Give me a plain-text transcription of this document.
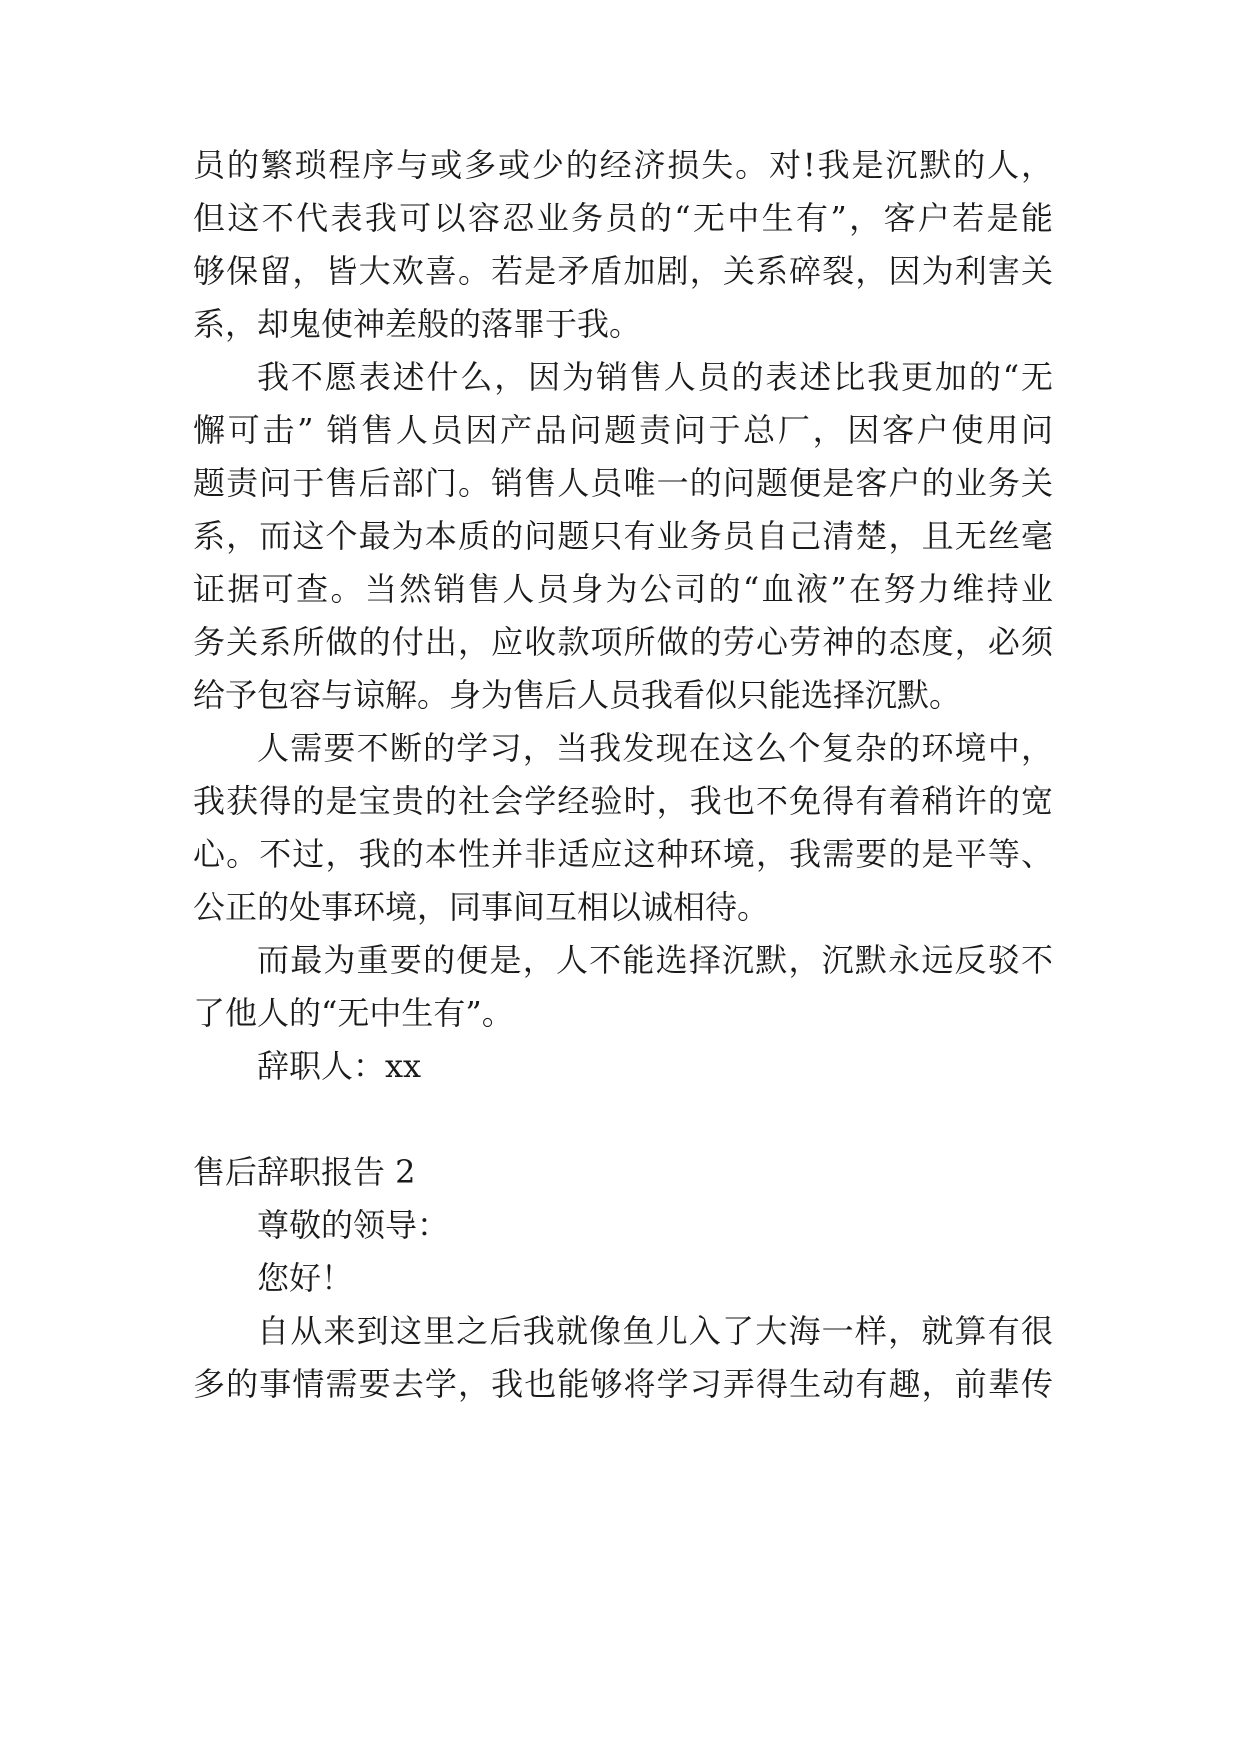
员的繁琐程序与或多或少的经济损失。对!我是沉默的人，
但这不代表我可以容忍业务员的“无中生有”，客户若是能
够保留，皆大欢喜。若是矛盾加剧，关系碎裂，因为利害关
系，却鬼使神差般的落罪于我。
我不愿表述什么，因为销售人员的表述比我更加的“无
懈可击” 销售人员因产品问题责问于总厂，因客户使用问
题责问于售后部门。销售人员唯一的问题便是客户的业务关
系，而这个最为本质的问题只有业务员自己清楚，且无丝毫
证据可查。当然销售人员身为公司的“血液”在努力维持业
务关系所做的付出，应收款项所做的劳心劳神的态度，必须
给予包容与谅解。身为售后人员我看似只能选择沉默。
人需要不断的学习，当我发现在这么个复杂的环境中，
我获得的是宝贵的社会学经验时，我也不免得有着稍许的宽
心。不过，我的本性并非适应这种环境，我需要的是平等、
公正的处事环境，同事间互相以诚相待。
而最为重要的便是，人不能选择沉默，沉默永远反驳不
了他人的“无中生有”。
辞职人：xx
售后辞职报告 2
尊敬的领导：
您好！
自从来到这里之后我就像鱼儿入了大海一样，就算有很
多的事情需要去学，我也能够将学习弄得生动有趣，前辈传
